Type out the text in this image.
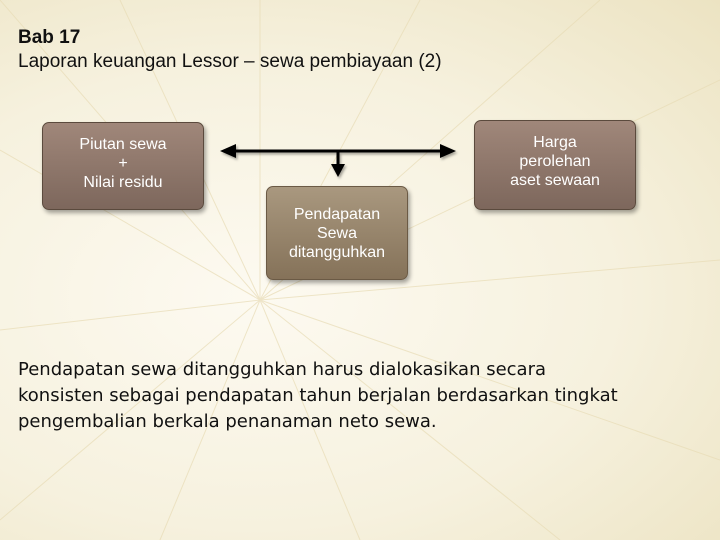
Bab 17
Laporan keuangan Lessor – sewa pembiayaan (2)
Piutan sewa
+
Nilai residu
Harga
perolehan
aset sewaan
Pendapatan
Sewa
ditangguhkan

Pendapatan sewa ditangguhkan harus dialokasikan secara konsisten sebagai pendapatan tahun berjalan berdasarkan tingkat pengembalian berkala penanaman neto sewa.
